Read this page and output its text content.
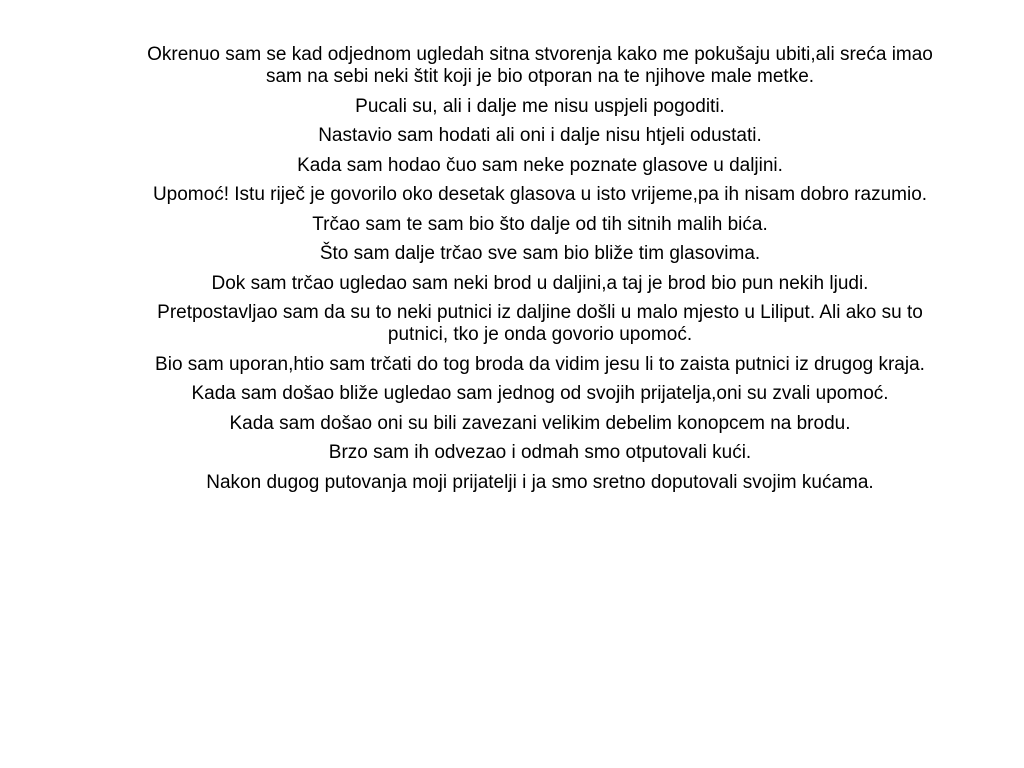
Okrenuo sam se kad odjednom ugledah sitna stvorenja kako me pokušaju ubiti,ali sreća imao sam na sebi neki štit koji je bio otporan na te njihove male metke.

Pucali su, ali i dalje me nisu uspjeli pogoditi.

Nastavio sam hodati ali oni i dalje nisu htjeli odustati.

Kada sam hodao čuo sam neke poznate glasove u daljini.

Upomoć! Istu riječ je govorilo oko desetak glasova u isto vrijeme,pa ih nisam dobro razumio.

Trčao sam te sam bio što dalje od tih sitnih malih bića.

Što sam dalje trčao sve sam bio bliže tim glasovima.

Dok sam trčao ugledao sam neki brod u daljini,a taj je brod bio pun nekih ljudi.

Pretpostavljao sam da su to neki putnici iz daljine došli u malo mjesto u Liliput. Ali ako su to putnici, tko je onda govorio upomoć.

Bio sam uporan,htio sam trčati do tog broda da vidim jesu li to zaista putnici iz drugog kraja.

Kada sam došao bliže ugledao sam jednog od svojih prijatelja,oni su zvali upomoć.

Kada sam došao oni su bili zavezani velikim debelim konopcem na brodu.

Brzo sam ih odvezao i odmah smo otputovali kući.

Nakon dugog putovanja moji prijatelji i ja smo sretno doputovali svojim kućama.
